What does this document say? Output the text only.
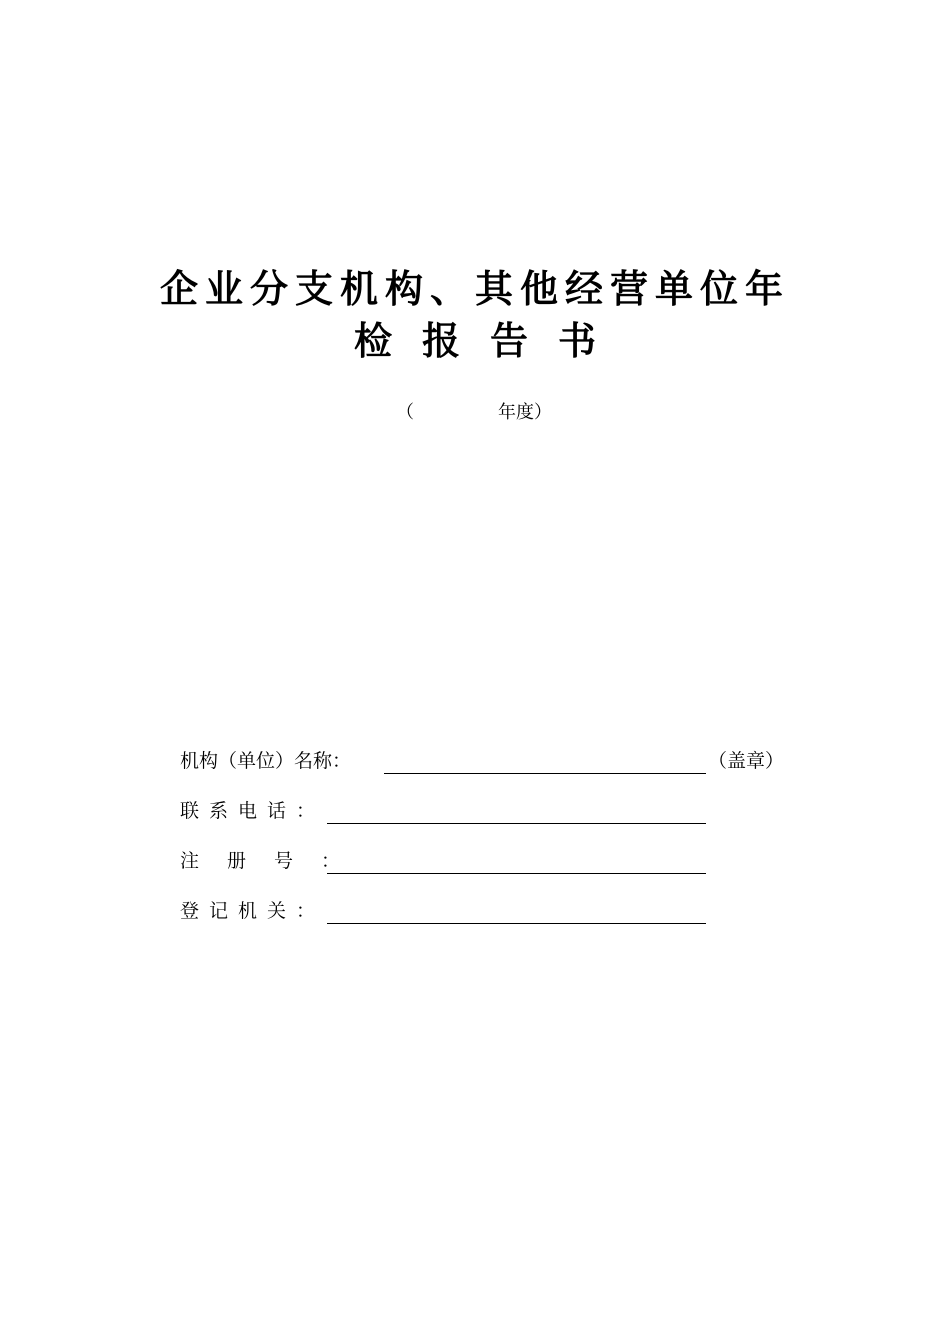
企业分支机构、其他经营单位年
检报告书
（	年度）
机构（单位）名称：	（盖章）
联系电话：
注册号：
登记机关：
